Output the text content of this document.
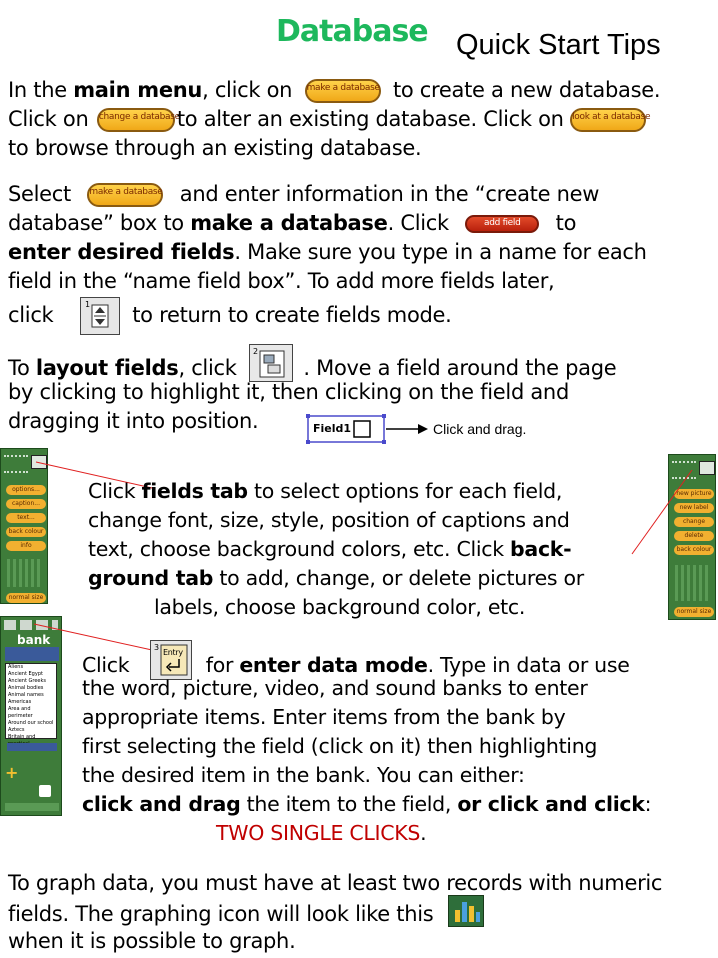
Database Quick Start Tips
In the main menu, click on make a database to create a new database.
Click on change a databaseto alter an existing database. Click on look at a database
to browse through an existing database.
Select make a database and enter information in the “create new
database” box to make a database. Click	add field to
enter desired fields. Make sure you type in a name for each
field in the “name field box”. To add more fields later,
click	1 to return to create fields mode.
To layout fields, click
2
. Move a field around the page
by clicking to highlight it, then clicking on the field and
dragging it into position.	Field1	Click and drag.
options...
caption...
text...
back colour
info
normal size
Click fields tab to select options for each field,
change font, size, style, position of captions and
text, choose background colors, etc. Click back-
ground tab to add, change, or delete pictures or
labels, choose background color, etc.
new picture
new label
change
delete
back colour
normal size
bank
Aliens
Ancient Egypt
Ancient Greeks
Animal bodies
Animal names
Americas
Area and perimeter
Around our school
Aztecs
Britain and
+
Click
3
Entry
for enter data mode. Type in data or use
the word, picture, video, and sound banks to enter
appropriate items. Enter items from the bank by
first selecting the field (click on it) then highlighting
the desired item in the bank. You can either:
click and drag the item to the field, or click and click:
TWO SINGLE CLICKS.
To graph data, you must have at least two records with numeric
fields. The graphing icon will look like this
when it is possible to graph.
